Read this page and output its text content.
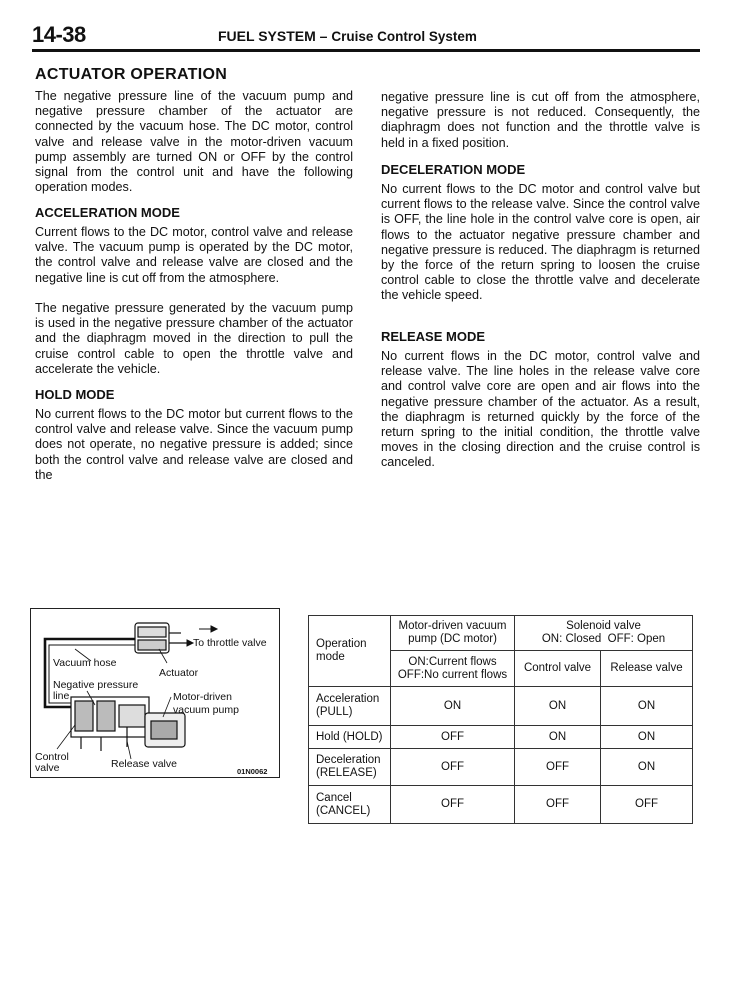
14-38	FUEL SYSTEM – Cruise Control System
ACTUATOR OPERATION
The negative pressure line of the vacuum pump and negative pressure chamber of the actuator are connected by the vacuum hose. The DC motor, control valve and release valve in the motor-driven vacuum pump assembly are turned ON or OFF by the control signal from the control unit and have the following operation modes.
ACCELERATION MODE
Current flows to the DC motor, control valve and release valve. The vacuum pump is operated by the DC motor, the control valve and release valve are closed and the negative line is cut off from the atmosphere.
The negative pressure generated by the vacuum pump is used in the negative pressure chamber of the actuator and the diaphragm moved in the direction to pull the cruise control cable to open the throttle valve and accelerate the vehicle.
HOLD MODE
No current flows to the DC motor but current flows to the control valve and release valve. Since the vacuum pump does not operate, no negative pressure is added; since both the control valve and release valve are closed and the
negative pressure line is cut off from the atmosphere, negative pressure is not reduced. Consequently, the diaphragm does not function and the throttle valve is held in a fixed position.
DECELERATION MODE
No current flows to the DC motor and control valve but current flows to the release valve. Since the control valve is OFF, the line hole in the control valve core is open, air flows to the actuator negative pressure chamber and negative pressure is reduced. The diaphragm is returned by the force of the return spring to loosen the cruise control cable to close the throttle valve and decelerate the vehicle speed.
RELEASE MODE
No current flows in the DC motor, control valve and release valve. The line holes in the release valve core and control valve core are open and air flows into the negative pressure chamber of the actuator. As a result, the diaphragm is returned quickly by the force of the return spring to the initial condition, the throttle valve moves in the closing direction and the cruise control is canceled.
To throttle valve
Vacuum hose
Actuator
Negative pressure
line	Motor-driven
vacuum pump
Control
valve	Release valve
01N0062
Operation
mode	Motor-driven vacuum
pump (DC motor)	Solenoid valve
ON: Closed  OFF: Open	
	ON:Current flows
OFF:No current flows	Control valve	Release valve
Acceleration
(PULL)	ON	ON	ON
Hold (HOLD)	OFF	ON	ON
Deceleration
(RELEASE)	OFF	OFF	ON
Cancel
(CANCEL)	OFF	OFF	OFF
